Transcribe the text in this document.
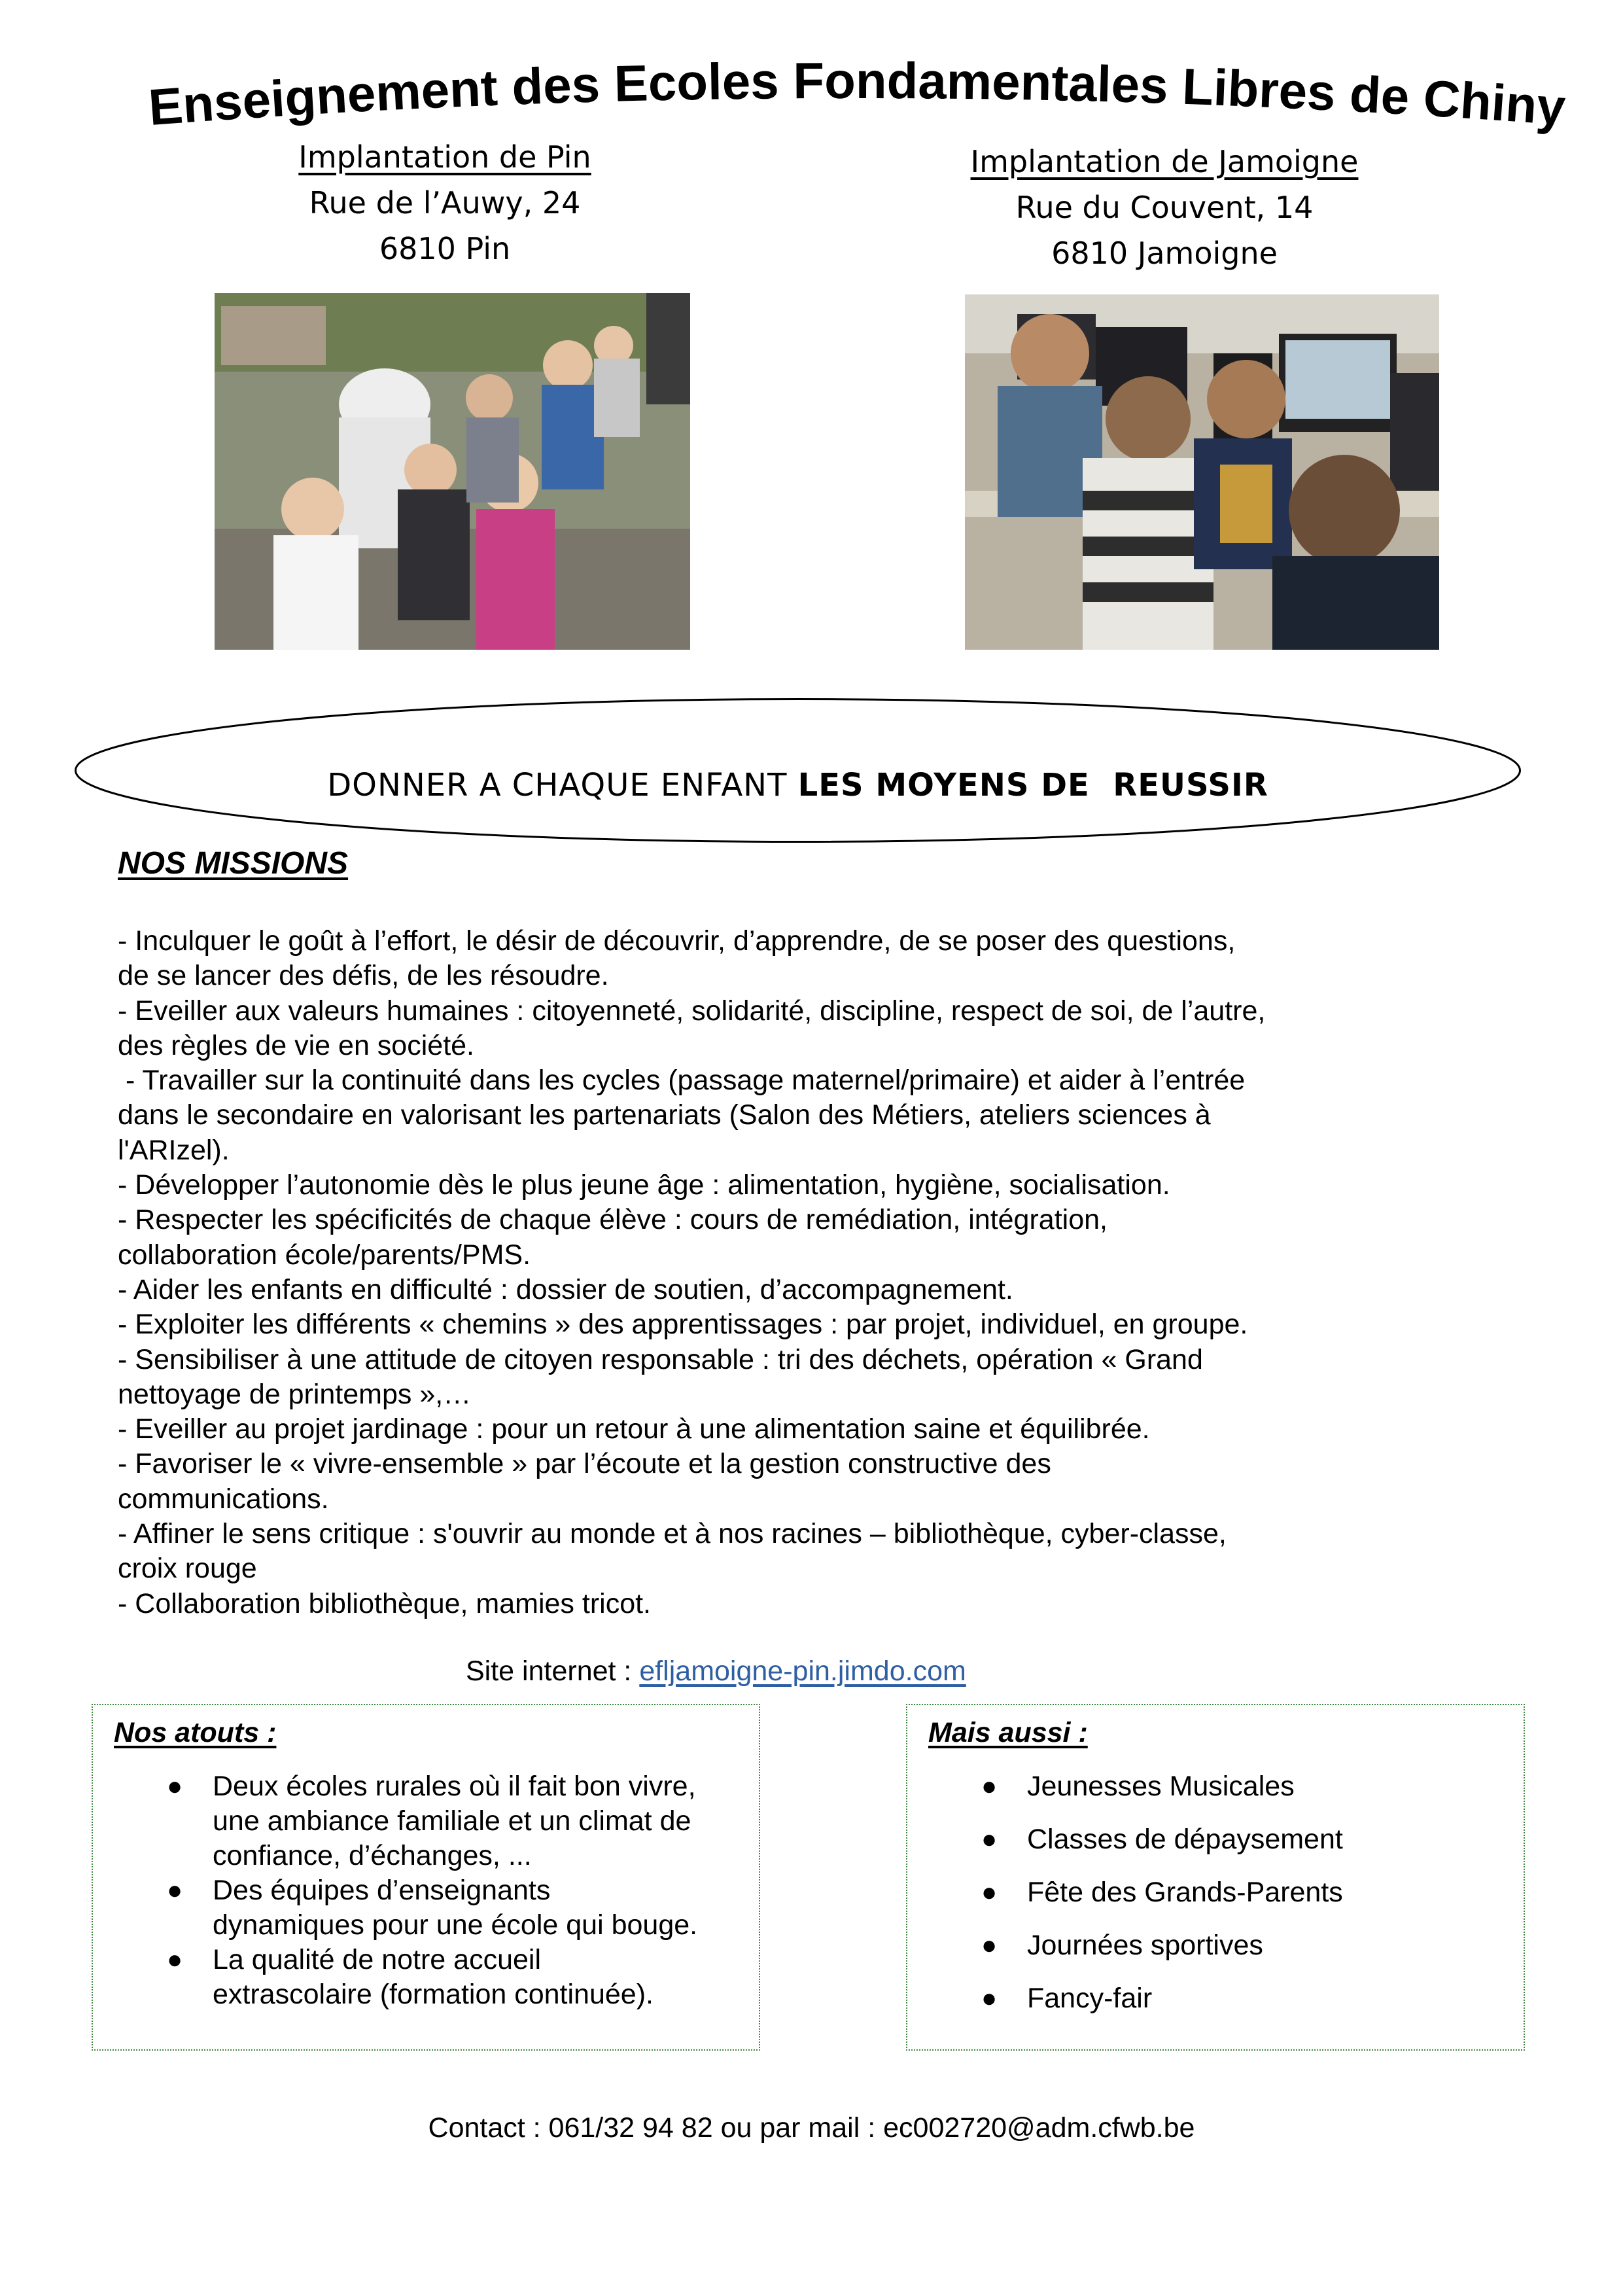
Enseignement des Ecoles Fondamentales Libres de Chiny
Implantation de Pin
Rue de l’Auwy, 24
6810 Pin
Implantation de Jamoigne
Rue du Couvent, 14
6810 Jamoigne
DONNER A CHAQUE ENFANT LES MOYENS DE  REUSSIR
NOS MISSIONS
- Inculquer le goût à l’effort, le désir de découvrir, d’apprendre, de se poser des questions,
de se lancer des défis, de les résoudre.
- Eveiller aux valeurs humaines : citoyenneté, solidarité, discipline, respect de soi, de l’autre,
des règles de vie en société.
- Travailler sur la continuité dans les cycles (passage maternel/primaire) et aider à l’entrée
dans le secondaire en valorisant les partenariats (Salon des Métiers, ateliers sciences à
l'ARIzel).
- Développer l’autonomie dès le plus jeune âge : alimentation, hygiène, socialisation.
- Respecter les spécificités de chaque élève : cours de remédiation, intégration,
collaboration école/parents/PMS.
- Aider les enfants en difficulté : dossier de soutien, d’accompagnement.
- Exploiter les différents « chemins » des apprentissages : par projet, individuel, en groupe.
- Sensibiliser à une attitude de citoyen responsable : tri des déchets, opération « Grand
nettoyage de printemps »,…
- Eveiller au projet jardinage : pour un retour à une alimentation saine et équilibrée.
- Favoriser le « vivre-ensemble » par l’écoute et la gestion constructive des
communications.
- Affiner le sens critique : s'ouvrir au monde et à nos racines – bibliothèque, cyber-classe,
croix rouge
- Collaboration bibliothèque, mamies tricot.
Site internet : efljamoigne-pin.jimdo.com
Nos atouts :
● Deux écoles rurales où il fait bon vivre,
une ambiance familiale et un climat de
confiance, d’échanges, ...
● Des équipes d’enseignants
dynamiques pour une école qui bouge.
● La qualité de notre accueil
extrascolaire (formation continuée).
Mais aussi :
● Jeunesses Musicales
● Classes de dépaysement
● Fête des Grands-Parents
● Journées sportives
● Fancy-fair
Contact : 061/32 94 82 ou par mail : ec002720@adm.cfwb.be
